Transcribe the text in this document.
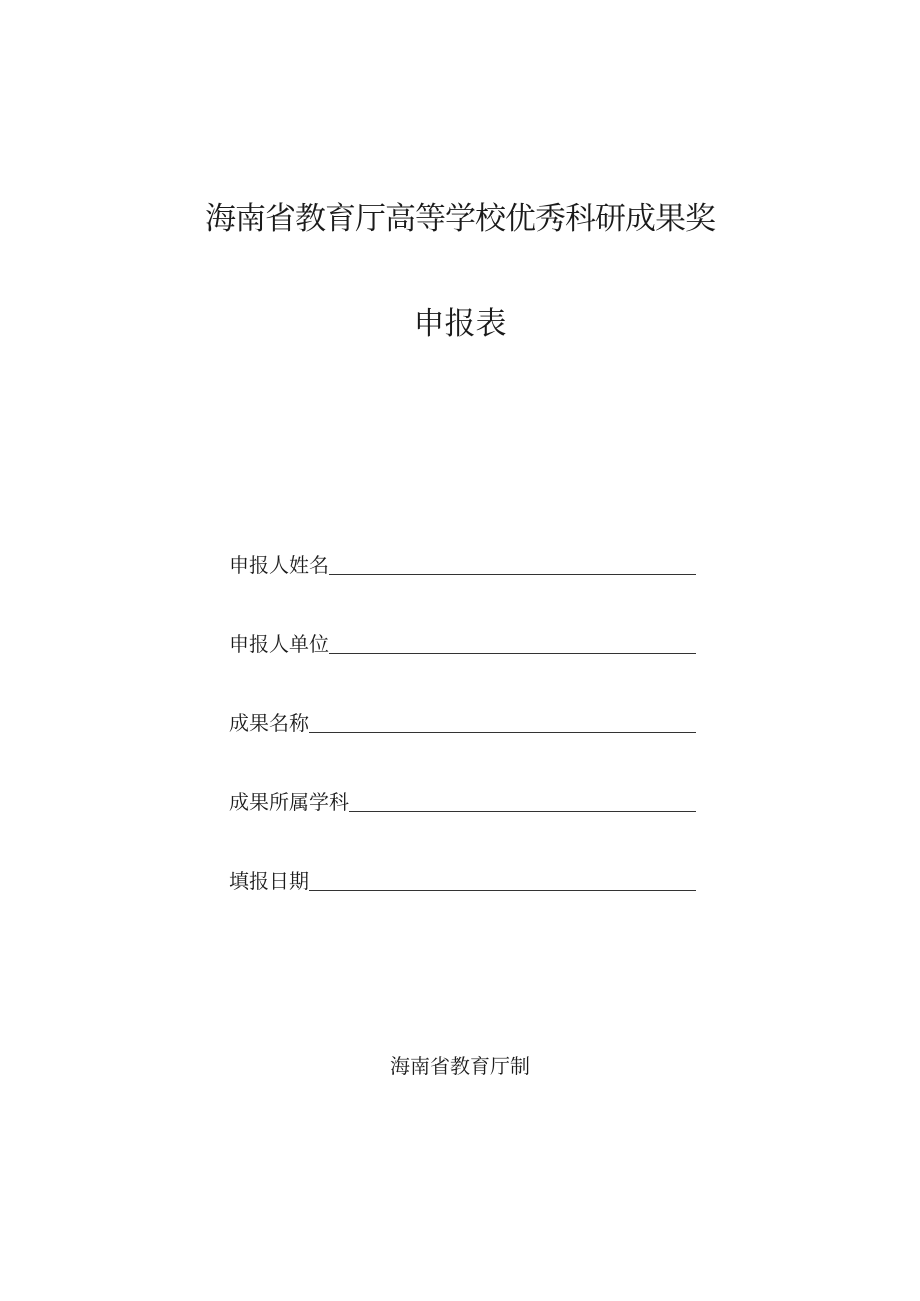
海南省教育厅高等学校优秀科研成果奖
申报表
申报人姓名
申报人单位
成果名称
成果所属学科
填报日期
海南省教育厅制
